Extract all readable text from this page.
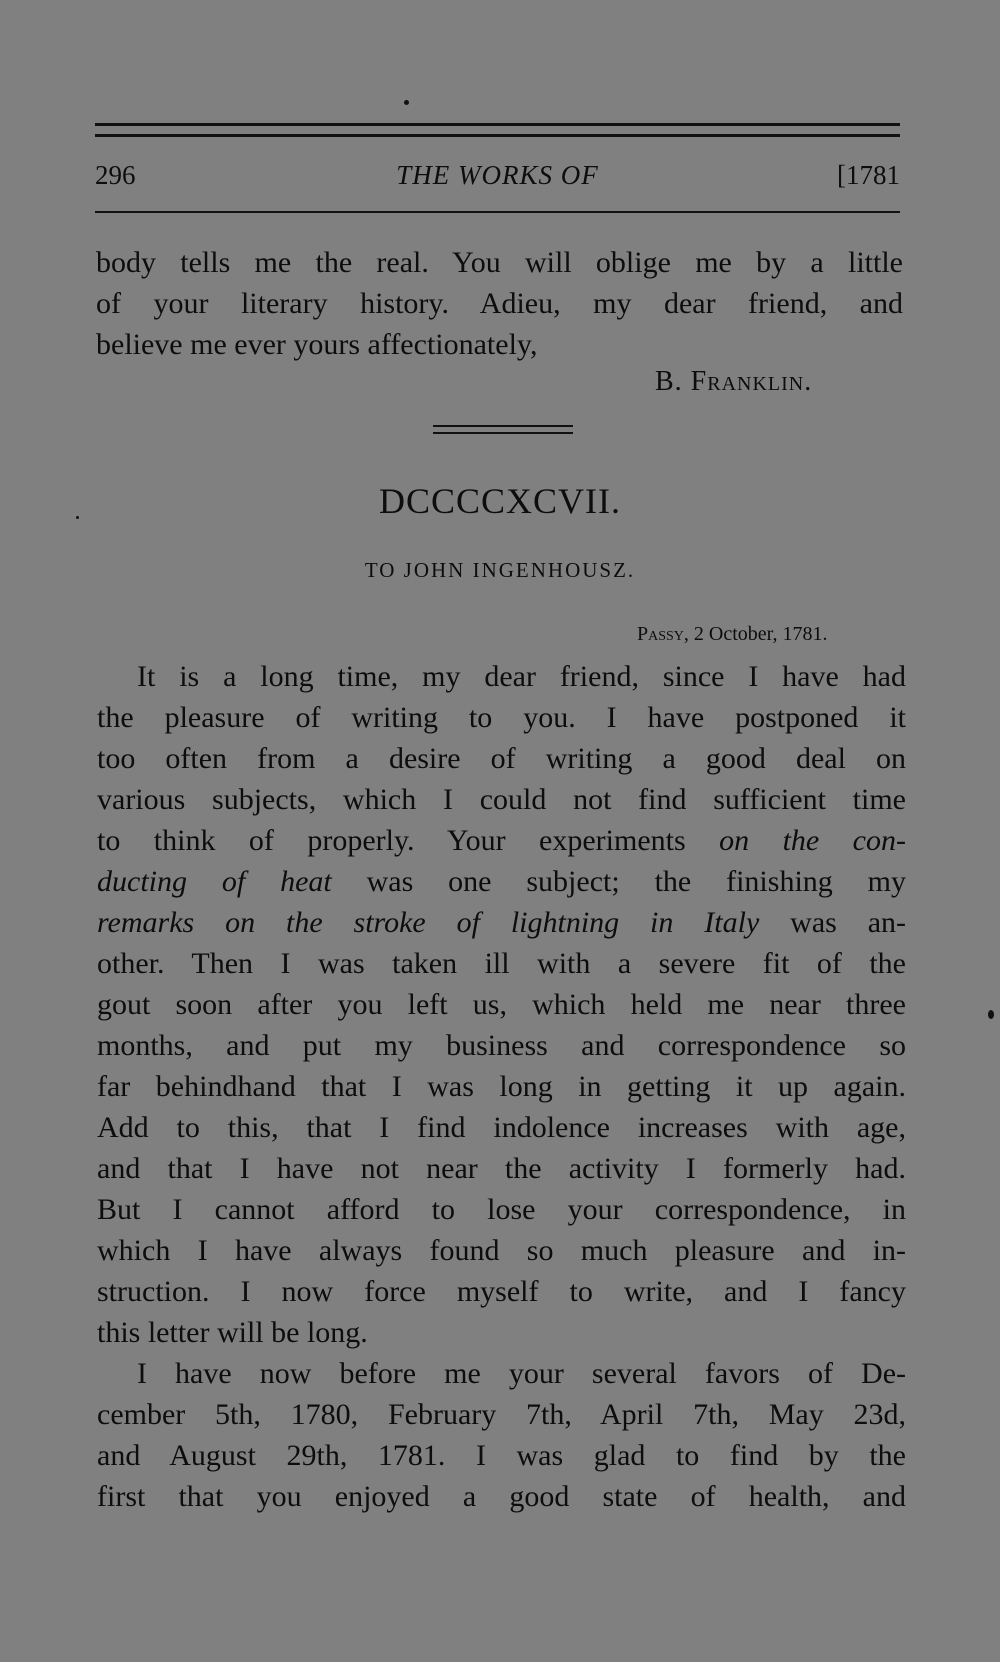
296	THE WORKS OF	[1781
body tells me the real. You will oblige me by a little
of your literary history. Adieu, my dear friend, and
believe me ever yours affectionately,
B. Franklin.
DCCCCXCVII.
TO JOHN INGENHOUSZ.
Passy, 2 October, 1781.
It is a long time, my dear friend, since I have had
the pleasure of writing to you. I have postponed it
too often from a desire of writing a good deal on
various subjects, which I could not find sufficient time
to think of properly. Your experiments on the con-
ducting of heat was one subject; the finishing my
remarks on the stroke of lightning in Italy was an-
other. Then I was taken ill with a severe fit of the
gout soon after you left us, which held me near three
months, and put my business and correspondence so
far behindhand that I was long in getting it up again.
Add to this, that I find indolence increases with age,
and that I have not near the activity I formerly had.
But I cannot afford to lose your correspondence, in
which I have always found so much pleasure and in-
struction. I now force myself to write, and I fancy
this letter will be long.
I have now before me your several favors of De-
cember 5th, 1780, February 7th, April 7th, May 23d,
and August 29th, 1781. I was glad to find by the
first that you enjoyed a good state of health, and
